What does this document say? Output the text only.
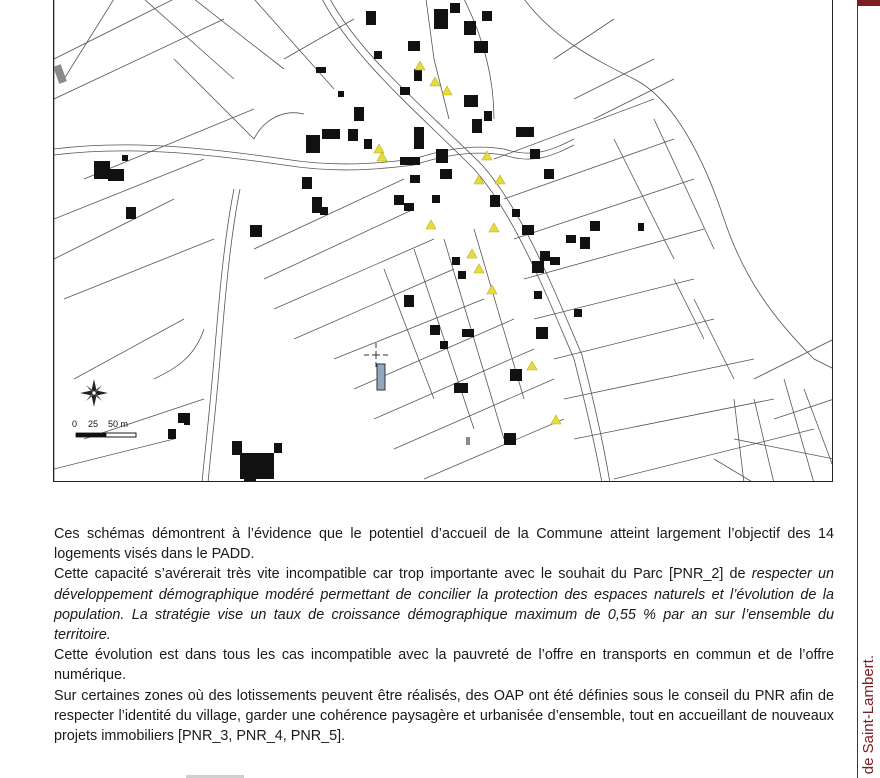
0 25 50 m

Ces schémas démontrent à l’évidence que le potentiel d’accueil de la Commune atteint largement l’objectif des 14 logements visés dans le PADD.

Cette capacité s’avérerait très vite incompatible car trop importante avec le souhait du Parc [PNR_2] de respecter un développement démographique modéré permettant de concilier la protection des espaces naturels et l’évolution de la population. La stratégie vise un taux de croissance démographique maximum de 0,55 % par an sur l’ensemble du territoire.

Cette évolution est dans tous les cas incompatible avec la pauvreté de l’offre en transports en commun et de l’offre numérique.

Sur certaines zones où des lotissements peuvent être réalisés, des OAP ont été définies sous le conseil du PNR afin de respecter l’identité du village, garder une cohérence paysagère et urbanisée d’ensemble, tout en accueillant de nouveaux projets immobiliers [PNR_3, PNR_4, PNR_5].	de Saint-Lambert.
